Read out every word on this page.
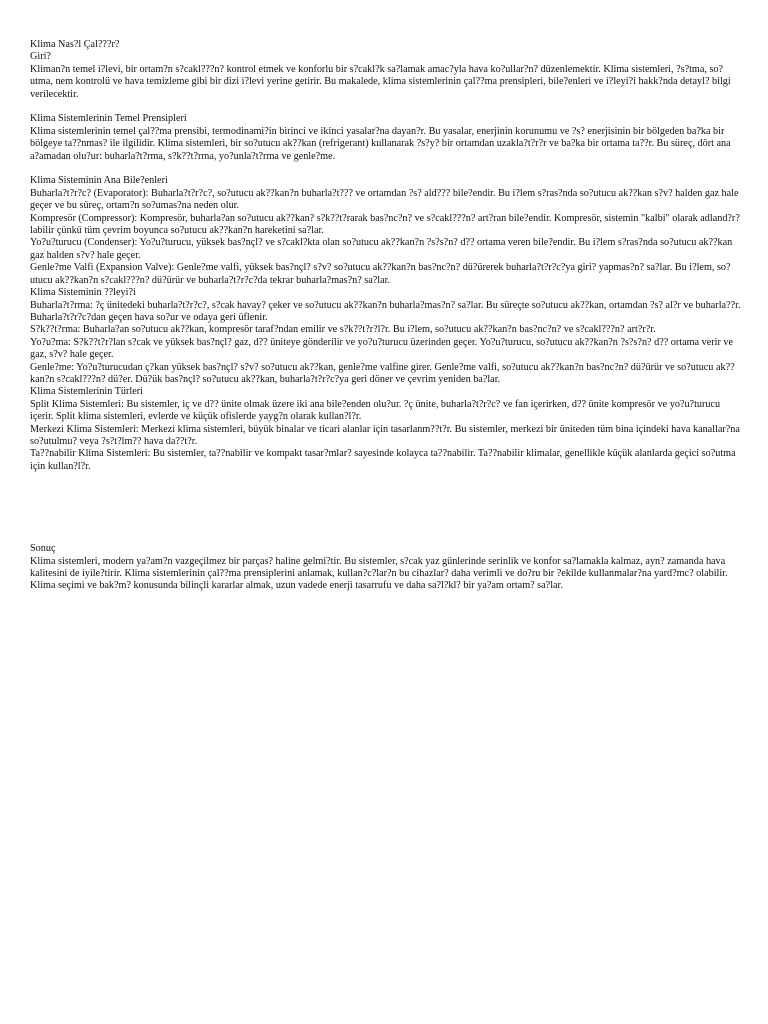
Klima Nas?l Çal???r?

Giri?

Kliman?n temel i?levi, bir ortam?n s?cakl???n? kontrol etmek ve konforlu bir s?cakl?k sa?lamak amac?yla hava ko?ullar?n? düzenlemektir. Klima sistemleri, ?s?tma, so?utma, nem kontrolü ve hava temizleme gibi bir dizi i?levi yerine getirir. Bu makalede, klima sistemlerinin çal??ma prensipleri, bile?enleri ve i?leyi?i hakk?nda detayl? bilgi verilecektir.

Klima Sistemlerinin Temel Prensipleri

Klima sistemlerinin temel çal??ma prensibi, termodinami?in birinci ve ikinci yasalar?na dayan?r. Bu yasalar, enerjinin korunumu ve ?s? enerjisinin bir bölgeden ba?ka bir bölgeye ta??nmas? ile ilgilidir. Klima sistemleri, bir so?utucu ak??kan (refrigerant) kullanarak ?s?y? bir ortamdan uzakla?t?r?r ve ba?ka bir ortama ta??r. Bu süreç, dört ana a?amadan olu?ur: buharla?t?rma, s?k??t?rma, yo?unla?t?rma ve genle?me.

Klima Sisteminin Ana Bile?enleri

Buharla?t?r?c? (Evaporator): Buharla?t?r?c?, so?utucu ak??kan?n buharla?t??? ve ortamdan ?s? ald??? bile?endir. Bu i?lem s?ras?nda so?utucu ak??kan s?v? halden gaz hale geçer ve bu süreç, ortam?n so?umas?na neden olur.

Kompresör (Compressor): Kompresör, buharla?an so?utucu ak??kan? s?k??t?rarak bas?nc?n? ve s?cakl???n? art?ran bile?endir. Kompresör, sistemin "kalbi" olarak adland?r?labilir çünkü tüm çevrim boyunca so?utucu ak??kan?n hareketini sa?lar.

Yo?u?turucu (Condenser): Yo?u?turucu, yüksek bas?nçl? ve s?cakl?kta olan so?utucu ak??kan?n ?s?s?n? d?? ortama veren bile?endir. Bu i?lem s?ras?nda so?utucu ak??kan gaz halden s?v? hale geçer.

Genle?me Valfi (Expansion Valve): Genle?me valfi, yüksek bas?nçl? s?v? so?utucu ak??kan?n bas?nc?n? dü?ürerek buharla?t?r?c?ya giri? yapmas?n? sa?lar. Bu i?lem, so?utucu ak??kan?n s?cakl???n? dü?ürür ve buharla?t?r?c?da tekrar buharla?mas?n? sa?lar.

Klima Sisteminin ??leyi?i

Buharla?t?rma: ?ç ünitedeki buharla?t?r?c?, s?cak havay? çeker ve so?utucu ak??kan?n buharla?mas?n? sa?lar. Bu süreçte so?utucu ak??kan, ortamdan ?s? al?r ve buharla??r. Buharla?t?r?c?dan geçen hava so?ur ve odaya geri üflenir.

S?k??t?rma: Buharla?an so?utucu ak??kan, kompresör taraf?ndan emilir ve s?k??t?r?l?r. Bu i?lem, so?utucu ak??kan?n bas?nc?n? ve s?cakl???n? art?r?r.

Yo?u?ma: S?k??t?r?lan s?cak ve yüksek bas?nçl? gaz, d?? üniteye gönderilir ve yo?u?turucu üzerinden geçer. Yo?u?turucu, so?utucu ak??kan?n ?s?s?n? d?? ortama verir ve gaz, s?v? hale geçer.

Genle?me: Yo?u?turucudan ç?kan yüksek bas?nçl? s?v? so?utucu ak??kan, genle?me valfine girer. Genle?me valfi, so?utucu ak??kan?n bas?nc?n? dü?ürür ve so?utucu ak??kan?n s?cakl???n? dü?er. Dü?ük bas?nçl? so?utucu ak??kan, buharla?t?r?c?ya geri döner ve çevrim yeniden ba?lar.

Klima Sistemlerinin Türleri

Split Klima Sistemleri: Bu sistemler, iç ve d?? ünite olmak üzere iki ana bile?enden olu?ur. ?ç ünite, buharla?t?r?c? ve fan içerirken, d?? ünite kompresör ve yo?u?turucu içerir. Split klima sistemleri, evlerde ve küçük ofislerde yayg?n olarak kullan?l?r.

Merkezi Klima Sistemleri: Merkezi klima sistemleri, büyük binalar ve ticari alanlar için tasarlanm??t?r. Bu sistemler, merkezi bir üniteden tüm bina içindeki hava kanallar?na so?utulmu? veya ?s?t?lm?? hava da??t?r.

Ta??nabilir Klima Sistemleri: Bu sistemler, ta??nabilir ve kompakt tasar?mlar? sayesinde kolayca ta??nabilir. Ta??nabilir klimalar, genellikle küçük alanlarda geçici so?utma için kullan?l?r.

Sonuç

Klima sistemleri, modern ya?am?n vazgeçilmez bir parças? haline gelmi?tir. Bu sistemler, s?cak yaz günlerinde serinlik ve konfor sa?lamakla kalmaz, ayn? zamanda hava kalitesini de iyile?tirir. Klima sistemlerinin çal??ma prensiplerini anlamak, kullan?c?lar?n bu cihazlar? daha verimli ve do?ru bir ?ekilde kullanmalar?na yard?mc? olabilir. Klima seçimi ve bak?m? konusunda bilinçli kararlar almak, uzun vadede enerji tasarrufu ve daha sa?l?kl? bir ya?am ortam? sa?lar.
